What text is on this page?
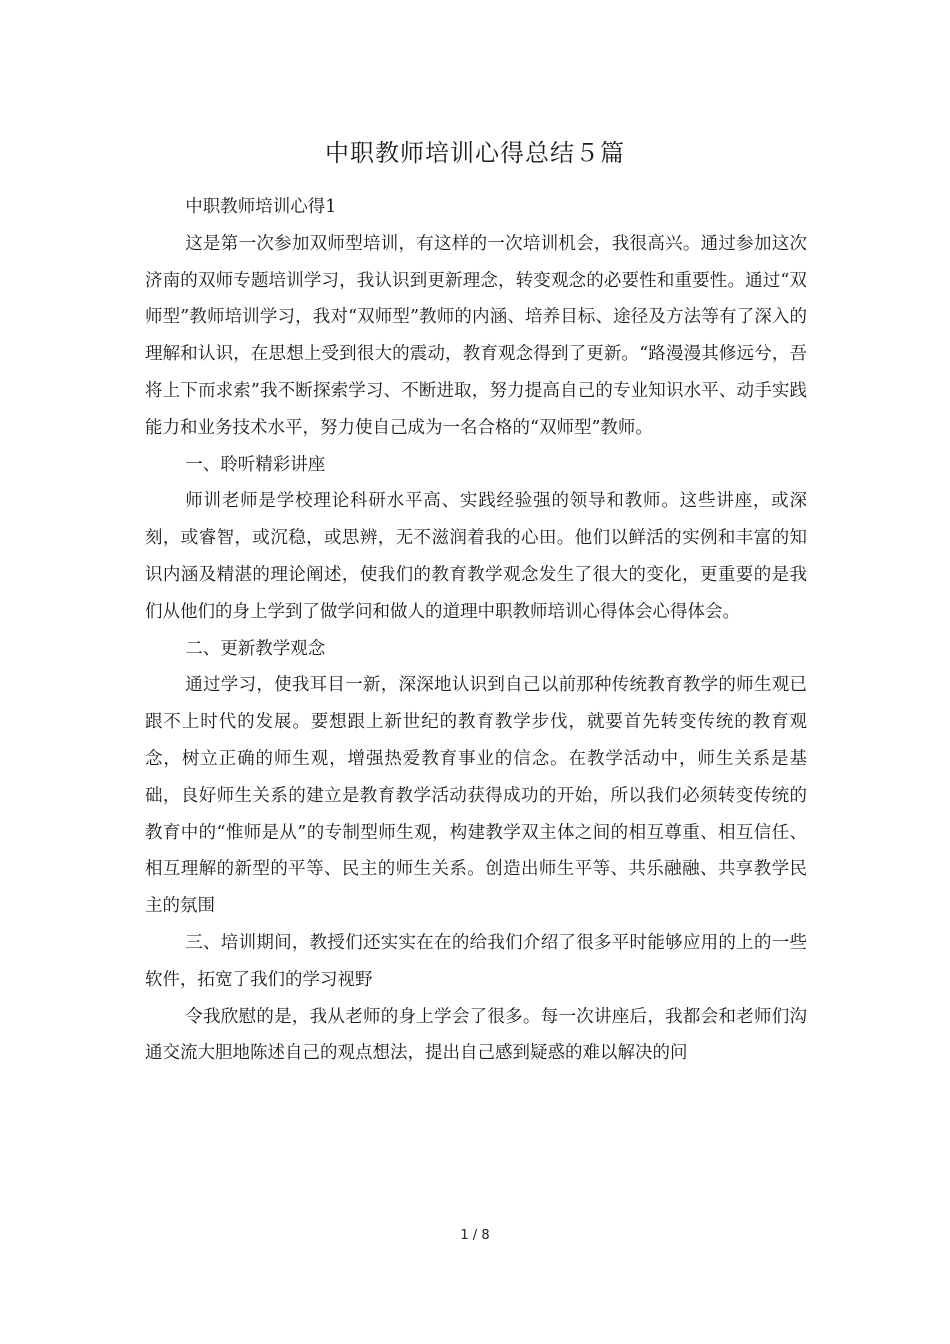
中职教师培训心得总结５篇

中职教师培训心得1

这是第一次参加双师型培训，有这样的一次培训机会，我很高兴。通过参加这次济南的双师专题培训学习，我认识到更新理念，转变观念的必要性和重要性。通过“双师型”教师培训学习，我对“双师型”教师的内涵、培养目标、途径及方法等有了深入的理解和认识，在思想上受到很大的震动，教育观念得到了更新。“路漫漫其修远兮，吾将上下而求索”我不断探索学习、不断进取，努力提高自己的专业知识水平、动手实践能力和业务技术水平，努力使自己成为一名合格的“双师型”教师。

一、聆听精彩讲座

师训老师是学校理论科研水平高、实践经验强的领导和教师。这些讲座，或深刻，或睿智，或沉稳，或思辨，无不滋润着我的心田。他们以鲜活的实例和丰富的知识内涵及精湛的理论阐述，使我们的教育教学观念发生了很大的变化，更重要的是我们从他们的身上学到了做学问和做人的道理中职教师培训心得体会心得体会。

二、更新教学观念

通过学习，使我耳目一新，深深地认识到自己以前那种传统教育教学的师生观已跟不上时代的发展。要想跟上新世纪的教育教学步伐，就要首先转变传统的教育观念，树立正确的师生观，增强热爱教育事业的信念。在教学活动中，师生关系是基础，良好师生关系的建立是教育教学活动获得成功的开始，所以我们必须转变传统的教育中的“惟师是从”的专制型师生观，构建教学双主体之间的相互尊重、相互信任、相互理解的新型的平等、民主的师生关系。创造出师生平等、共乐融融、共享教学民主的氛围

三、培训期间，教授们还实实在在的给我们介绍了很多平时能够应用的上的一些软件，拓宽了我们的学习视野

令我欣慰的是，我从老师的身上学会了很多。每一次讲座后，我都会和老师们沟通交流大胆地陈述自己的观点想法，提出自己感到疑惑的难以解决的问

1 / 8
